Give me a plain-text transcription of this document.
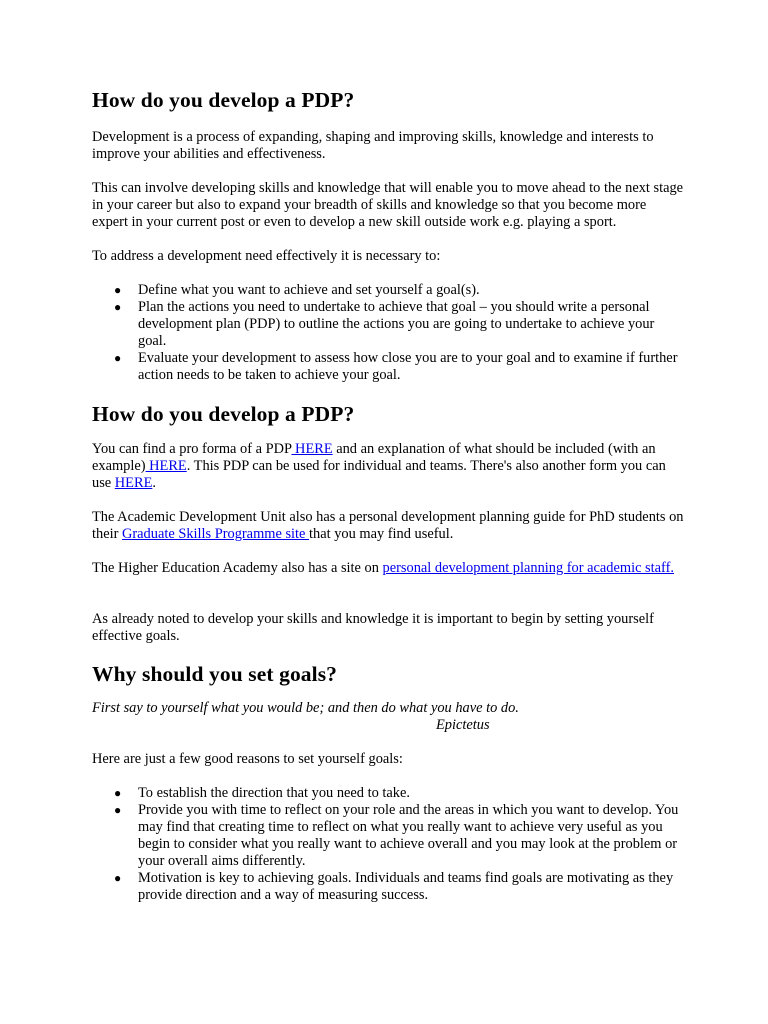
How do you develop a PDP?

Development is a process of expanding, shaping and improving skills, knowledge and interests to improve your abilities and effectiveness.

This can involve developing skills and knowledge that will enable you to move ahead to the next stage in your career but also to expand your breadth of skills and knowledge so that you become more expert in your current post or even to develop a new skill outside work e.g. playing a sport.

To address a development need effectively it is necessary to:

● Define what you want to achieve and set yourself a goal(s).
● Plan the actions you need to undertake to achieve that goal – you should write a personal development plan (PDP) to outline the actions you are going to undertake to achieve your goal.
● Evaluate your development to assess how close you are to your goal and to examine if further action needs to be taken to achieve your goal.
How do you develop a PDP?

You can find a pro forma of a PDP HERE and an explanation of what should be included (with an example) HERE. This PDP can be used for individual and teams. There's also another form you can use HERE.

The Academic Development Unit also has a personal development planning guide for PhD students on their Graduate Skills Programme site that you may find useful.

The Higher Education Academy also has a site on personal development planning for academic staff.

As already noted to develop your skills and knowledge it is important to begin by setting yourself effective goals.

Why should you set goals?

First say to yourself what you would be; and then do what you have to do.

Epictetus

Here are just a few good reasons to set yourself goals:

● To establish the direction that you need to take.
● Provide you with time to reflect on your role and the areas in which you want to develop. You may find that creating time to reflect on what you really want to achieve very useful as you begin to consider what you really want to achieve overall and you may look at the problem or your overall aims differently.
● Motivation is key to achieving goals. Individuals and teams find goals are motivating as they provide direction and a way of measuring success.
